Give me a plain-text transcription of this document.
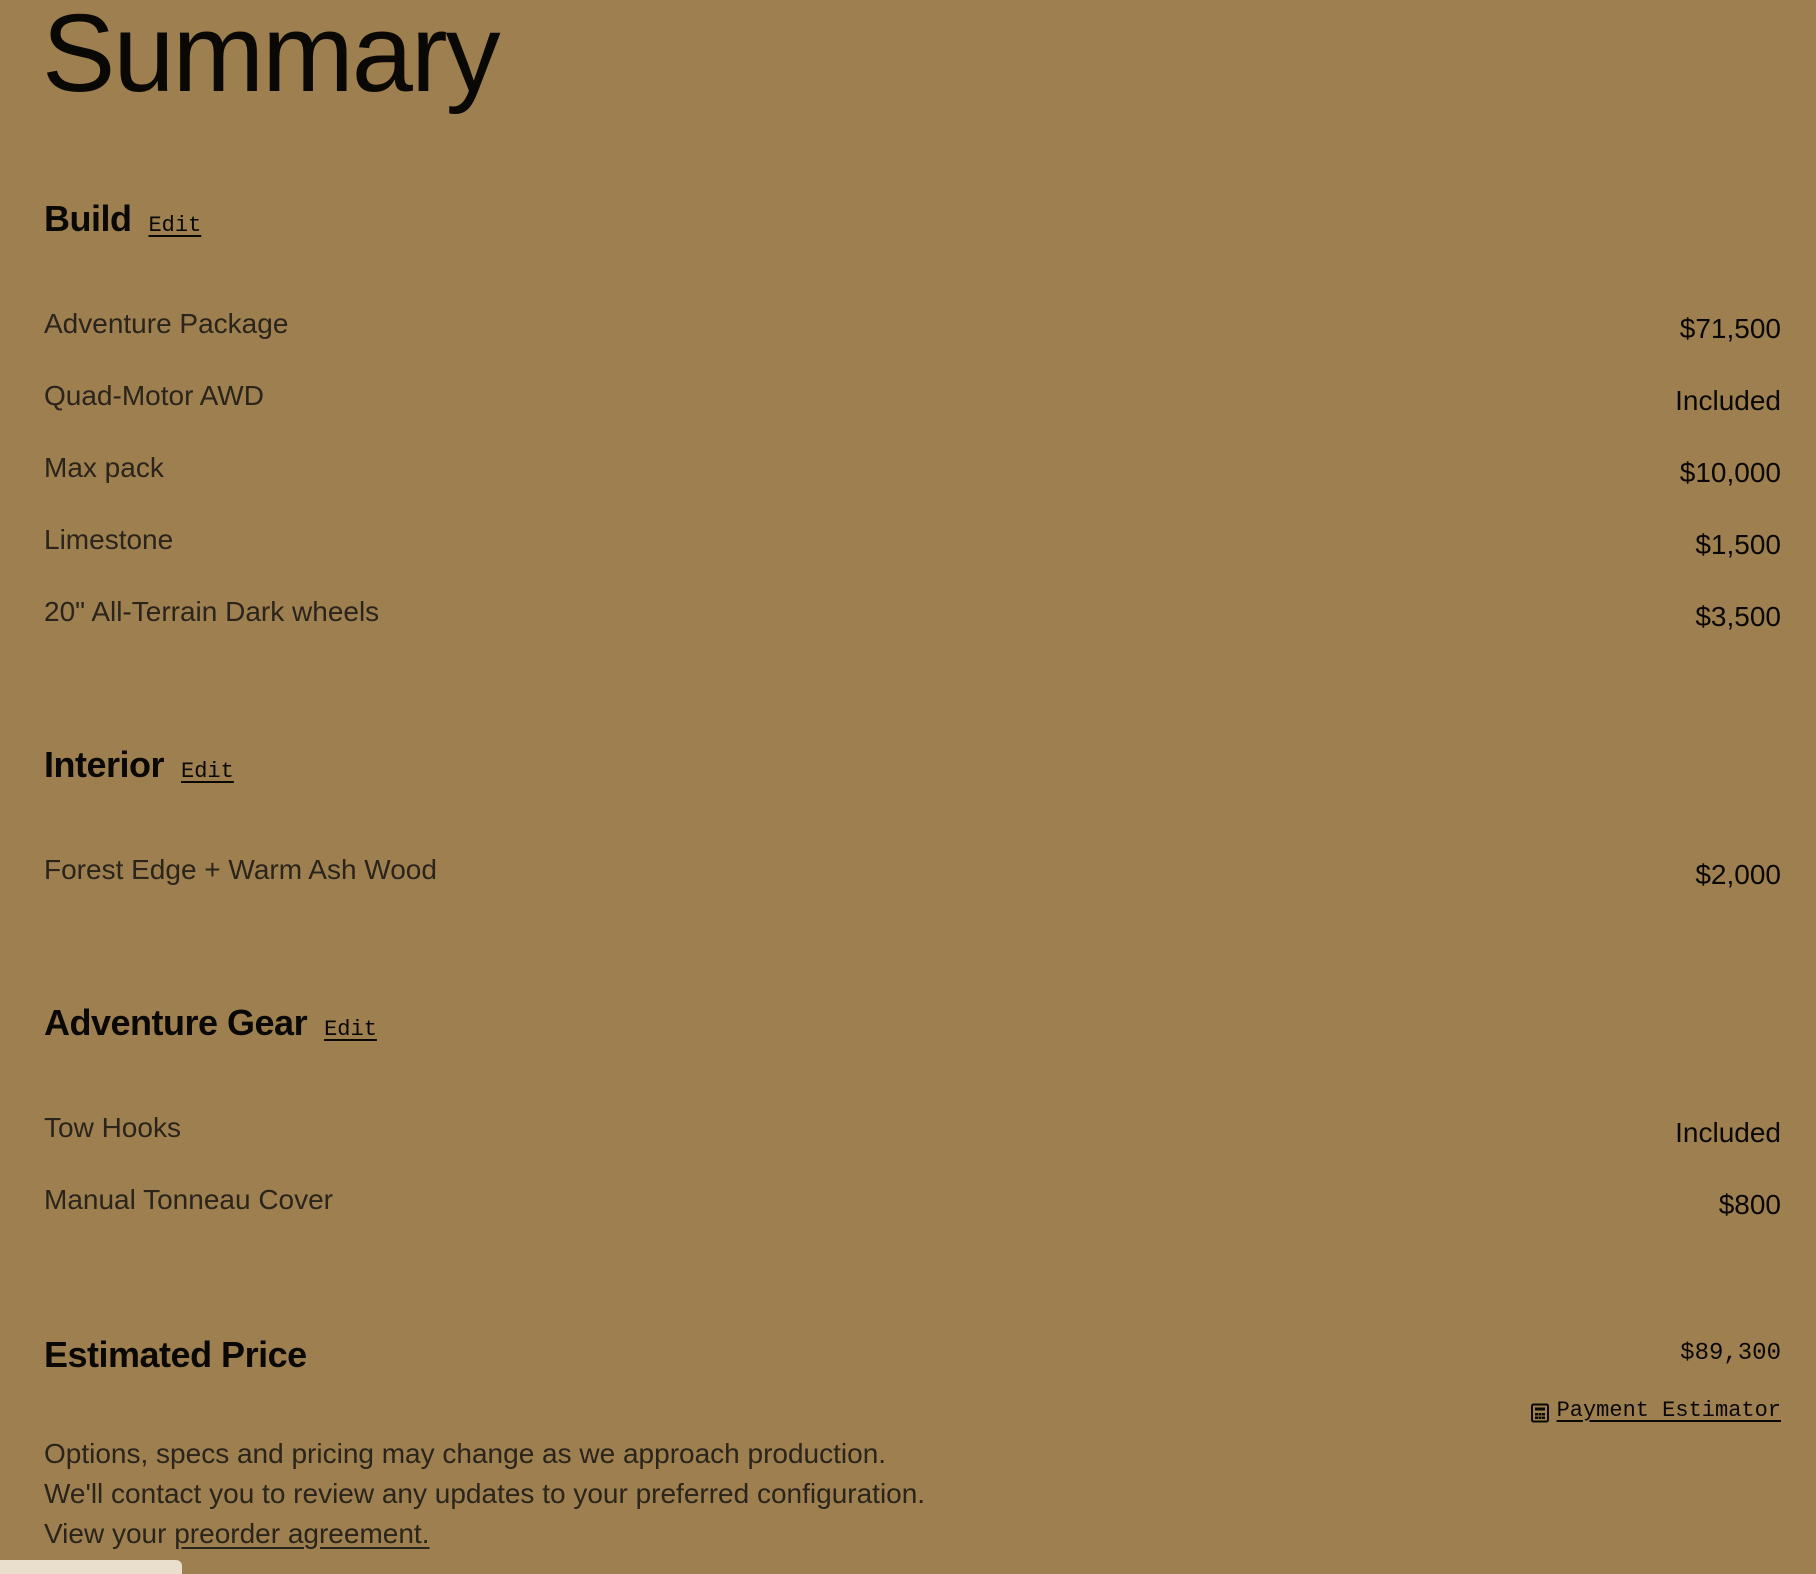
Summary
Build Edit
Adventure Package	$71,500
Quad-Motor AWD	Included
Max pack	$10,000
Limestone	$1,500
20" All-Terrain Dark wheels	$3,500
Interior Edit
Forest Edge + Warm Ash Wood	$2,000
Adventure Gear Edit
Tow Hooks	Included
Manual Tonneau Cover	$800
Estimated Price	$89,300
Payment Estimator

Options, specs and pricing may change as we approach production. We'll contact you to review any updates to your preferred configuration. View your preorder agreement.
